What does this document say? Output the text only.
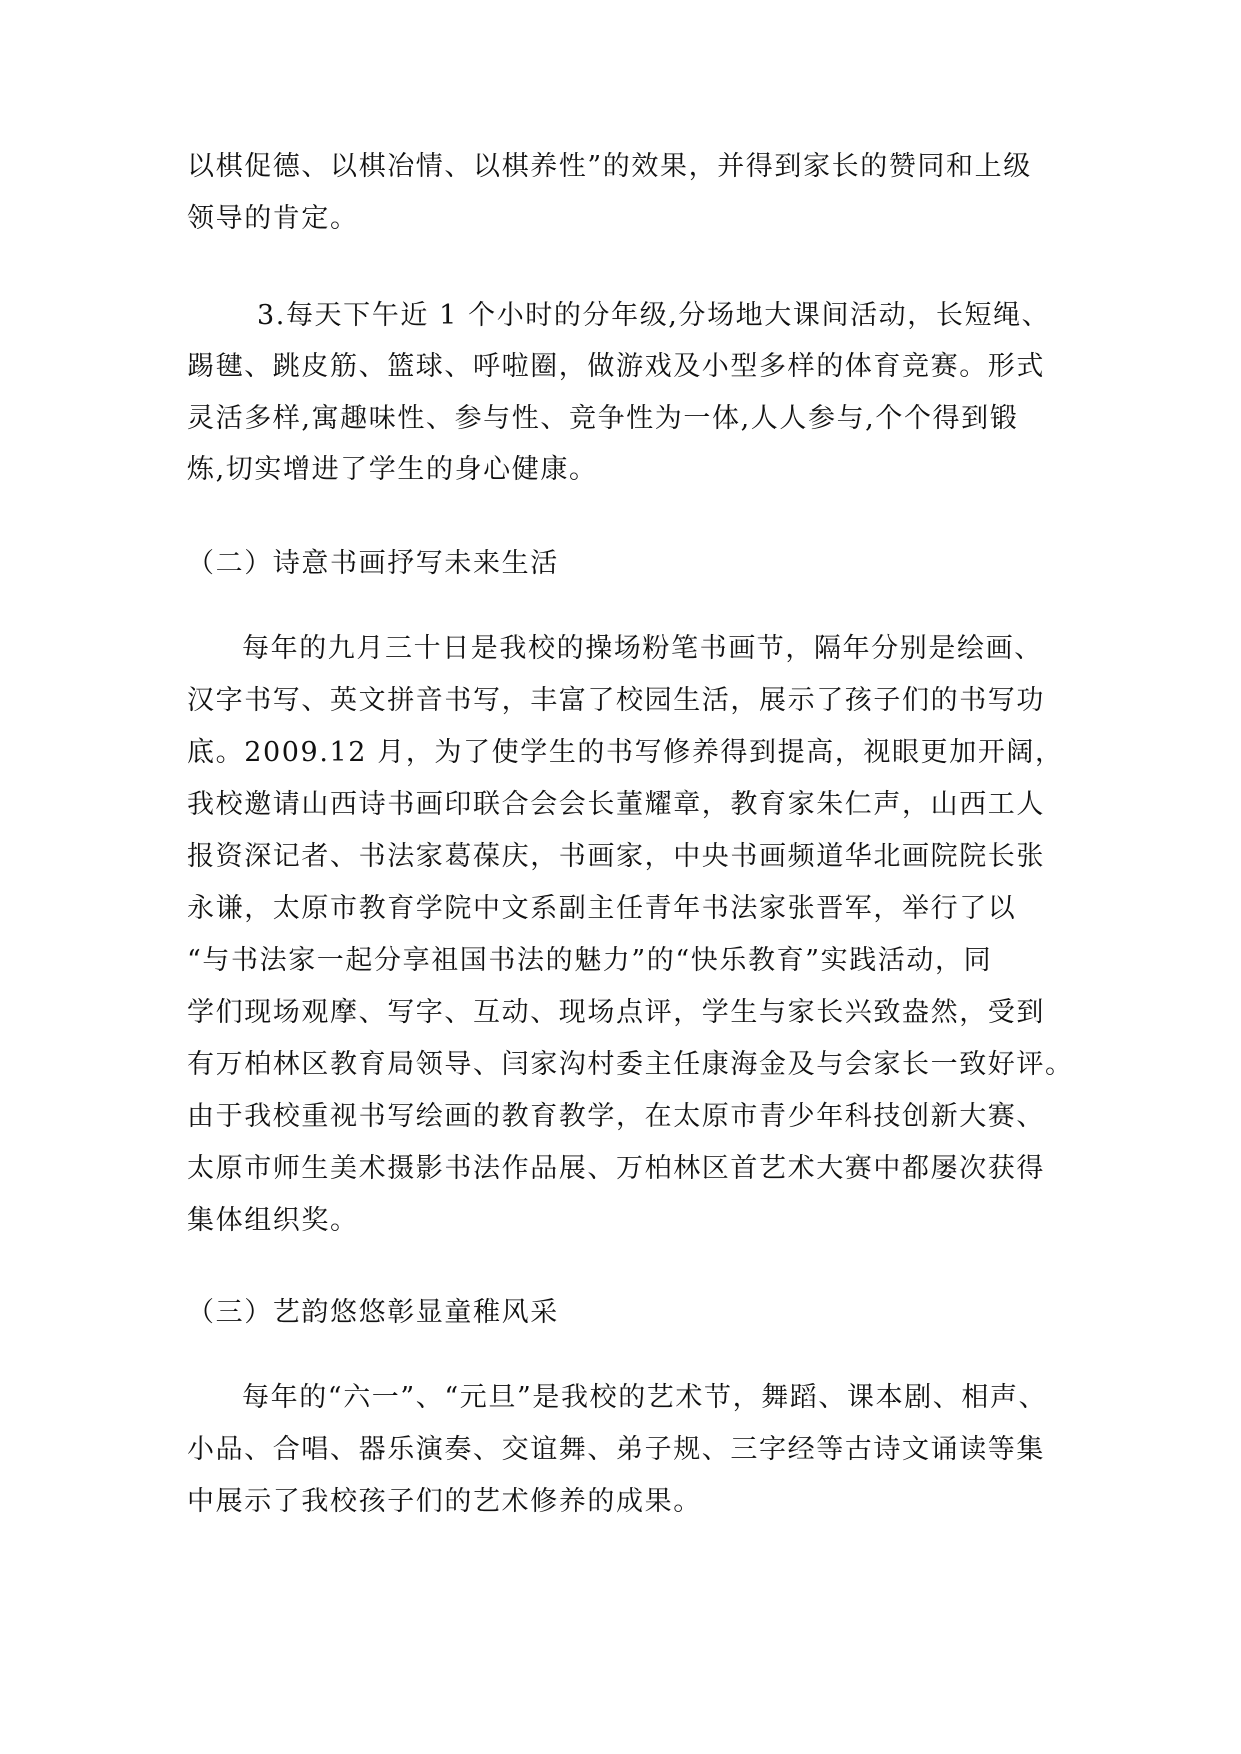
以棋促德、以棋冶情、以棋养性”的效果，并得到家长的赞同和上级
领导的肯定。
3.每天下午近 1 个小时的分年级,分场地大课间活动，长短绳、
踢毽、跳皮筋、篮球、呼啦圈，做游戏及小型多样的体育竞赛。形式
灵活多样,寓趣味性、参与性、竞争性为一体,人人参与,个个得到锻
炼,切实增进了学生的身心健康。
（二）诗意书画抒写未来生活
每年的九月三十日是我校的操场粉笔书画节，隔年分别是绘画、
汉字书写、英文拼音书写，丰富了校园生活，展示了孩子们的书写功
底。2009.12 月，为了使学生的书写修养得到提高，视眼更加开阔，
我校邀请山西诗书画印联合会会长董耀章，教育家朱仁声，山西工人
报资深记者、书法家葛葆庆，书画家，中央书画频道华北画院院长张
永谦，太原市教育学院中文系副主任青年书法家张晋军，举行了以
“与书法家一起分享祖国书法的魅力”的“快乐教育”实践活动，同
学们现场观摩、写字、互动、现场点评，学生与家长兴致盎然，受到
有万柏林区教育局领导、闫家沟村委主任康海金及与会家长一致好评。
由于我校重视书写绘画的教育教学，在太原市青少年科技创新大赛、
太原市师生美术摄影书法作品展、万柏林区首艺术大赛中都屡次获得
集体组织奖。
（三）艺韵悠悠彰显童稚风采
每年的“六一”、“元旦”是我校的艺术节，舞蹈、课本剧、相声、
小品、合唱、器乐演奏、交谊舞、弟子规、三字经等古诗文诵读等集
中展示了我校孩子们的艺术修养的成果。
